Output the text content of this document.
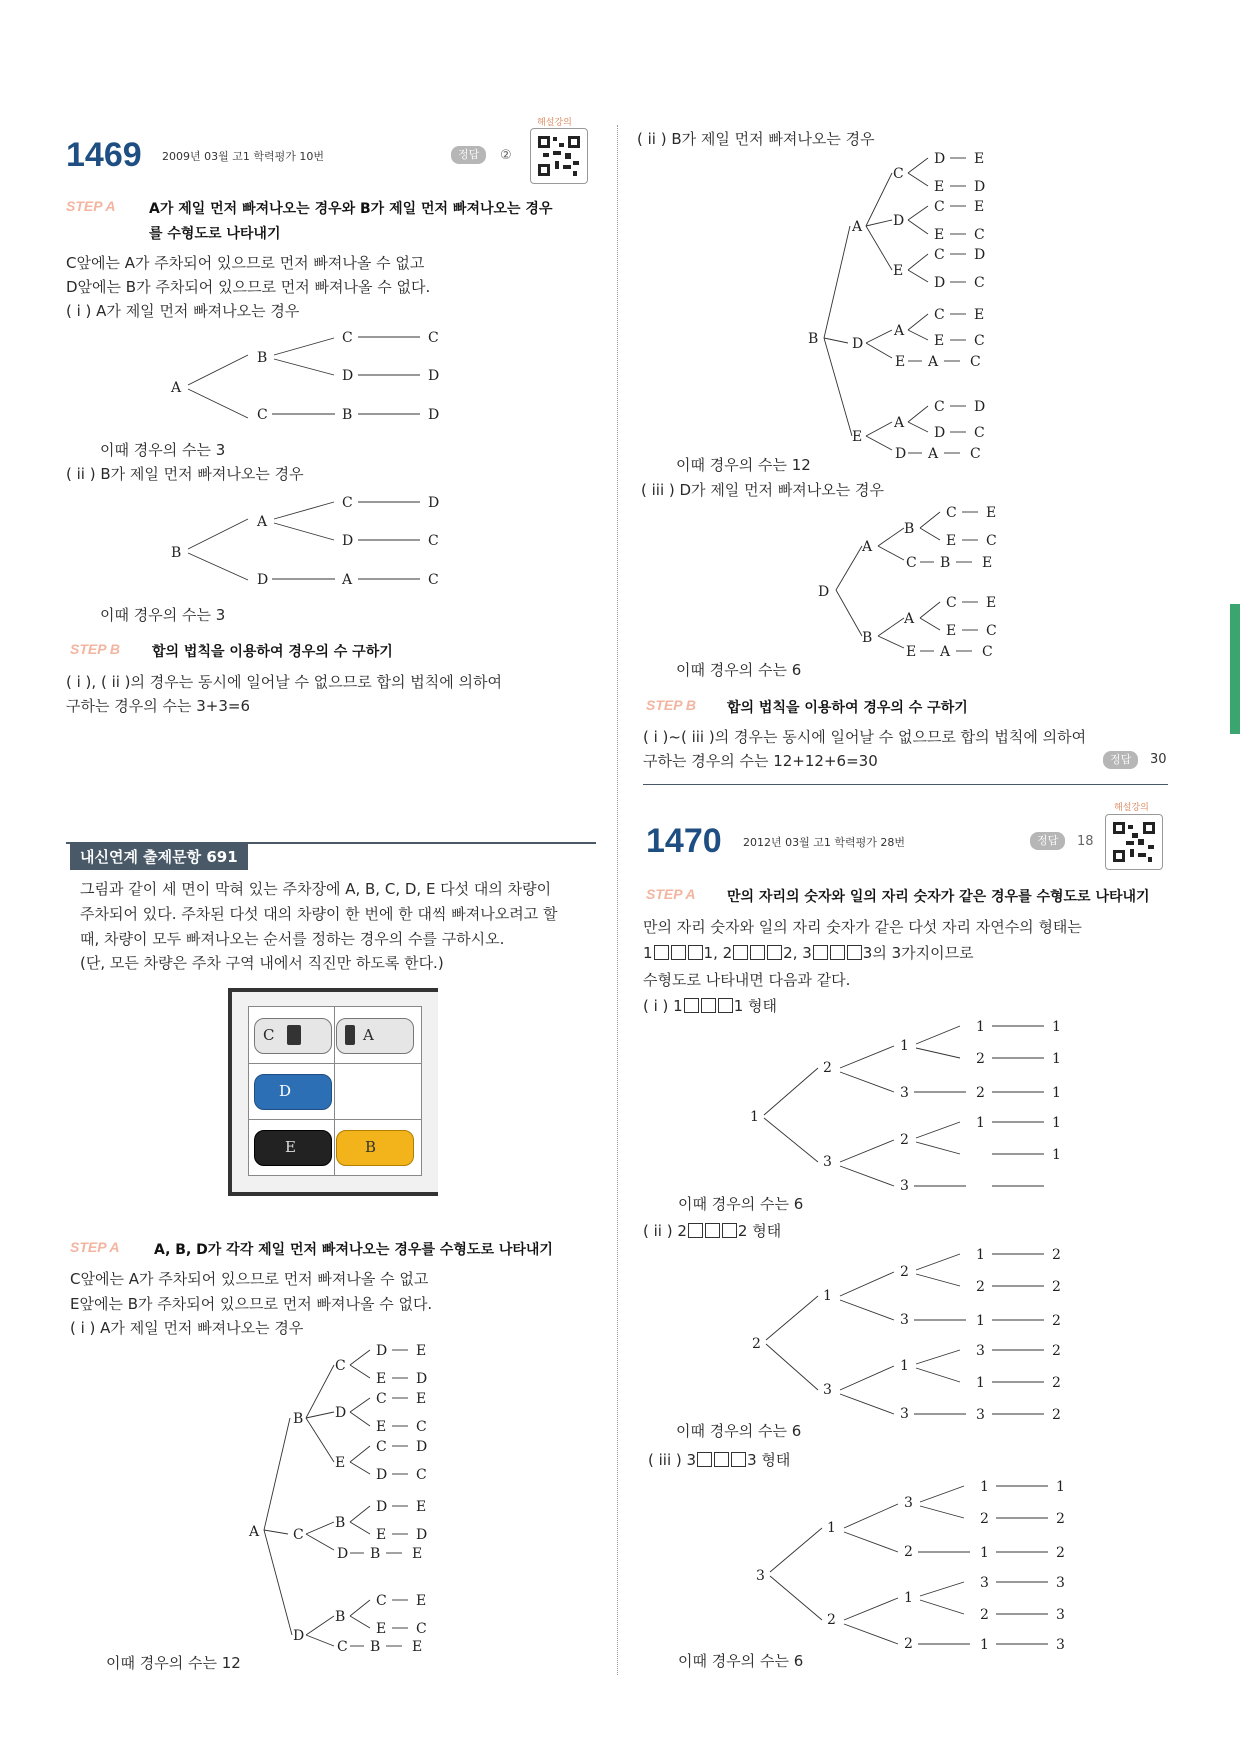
1469 2009년 03월 고1 학력평가 10번	정답	②
해설강의
STEP A A가 제일 먼저 빠져나오는 경우와 B가 제일 먼저 빠져나오는 경우
를 수형도로 나타내기
C앞에는 A가 주차되어 있으므로 먼저 빠져나올 수 없고
D앞에는 B가 주차되어 있으므로 먼저 빠져나올 수 없다.
( i ) A가 제일 먼저 빠져나오는 경우
A
B
C	C
D	D
C	B	D
B
A
C	D
D	C
D	A	C
A
B
C
D E
E D
D
C E
E C
E
C D
D C
C
B
D E
E D
D B E
D
B
C E
E C
C B E
B
A
C
D E
E D
D
C E
E C
E
C D
D C
D
A
C E
E C
E A C
E
A
C D
D C
D A C
D
A
B
C E
E C
C B E
B
A
C E
E C
E A C
1
2
3
1
3
2
3
1
2
2
1
1
1
1
1
1
2
1
3
2
3
1
3
1
2
1
3
1
3
2
2
2
2
2
2
3
1
2
3
2
1
2
1
2
1
3
2
1
1
2
2
3
3
3
이때 경우의 수는 3
( ii ) B가 제일 먼저 빠져나오는 경우
이때 경우의 수는 3
STEP B 합의 법칙을 이용하여 경우의 수 구하기
( i ), ( ii )의 경우는 동시에 일어날 수 없으므로 합의 법칙에 의하여
구하는 경우의 수는 3+3=6
내신연계 출제문항 691
그림과 같이 세 면이 막혀 있는 주차장에 A, B, C, D, E 다섯 대의 차량이
주차되어 있다. 주차된 다섯 대의 차량이 한 번에 한 대씩 빠져나오려고 할
때, 차량이 모두 빠져나오는 순서를 정하는 경우의 수를 구하시오.
(단, 모든 차량은 주차 구역 내에서 직진만 하도록 한다.)
C	A
D
E	B
STEP A A, B, D가 각각 제일 먼저 빠져나오는 경우를 수형도로 나타내기
C앞에는 A가 주차되어 있으므로 먼저 빠져나올 수 없고
E앞에는 B가 주차되어 있으므로 먼저 빠져나올 수 없다.
( i ) A가 제일 먼저 빠져나오는 경우
이때 경우의 수는 12
( ii ) B가 제일 먼저 빠져나오는 경우
이때 경우의 수는 12
( iii ) D가 제일 먼저 빠져나오는 경우
이때 경우의 수는 6
STEP B 합의 법칙을 이용하여 경우의 수 구하기
( i )~( iii )의 경우는 동시에 일어날 수 없으므로 합의 법칙에 의하여
구하는 경우의 수는 12+12+6=30	정답	30
1470 2012년 03월 고1 학력평가 28번	정답	18
해설강의
STEP A 만의 자리의 숫자와 일의 자리 숫자가 같은 경우를 수형도로 나타내기
만의 자리 숫자와 일의 자리 숫자가 같은 다섯 자리 자연수의 형태는
1	1, 2	2, 3	3의 3가지이므로
수형도로 나타내면 다음과 같다.
( i ) 1	1 형태
이때 경우의 수는 6
( ii ) 2	2 형태
이때 경우의 수는 6
( iii ) 3	3 형태
이때 경우의 수는 6
